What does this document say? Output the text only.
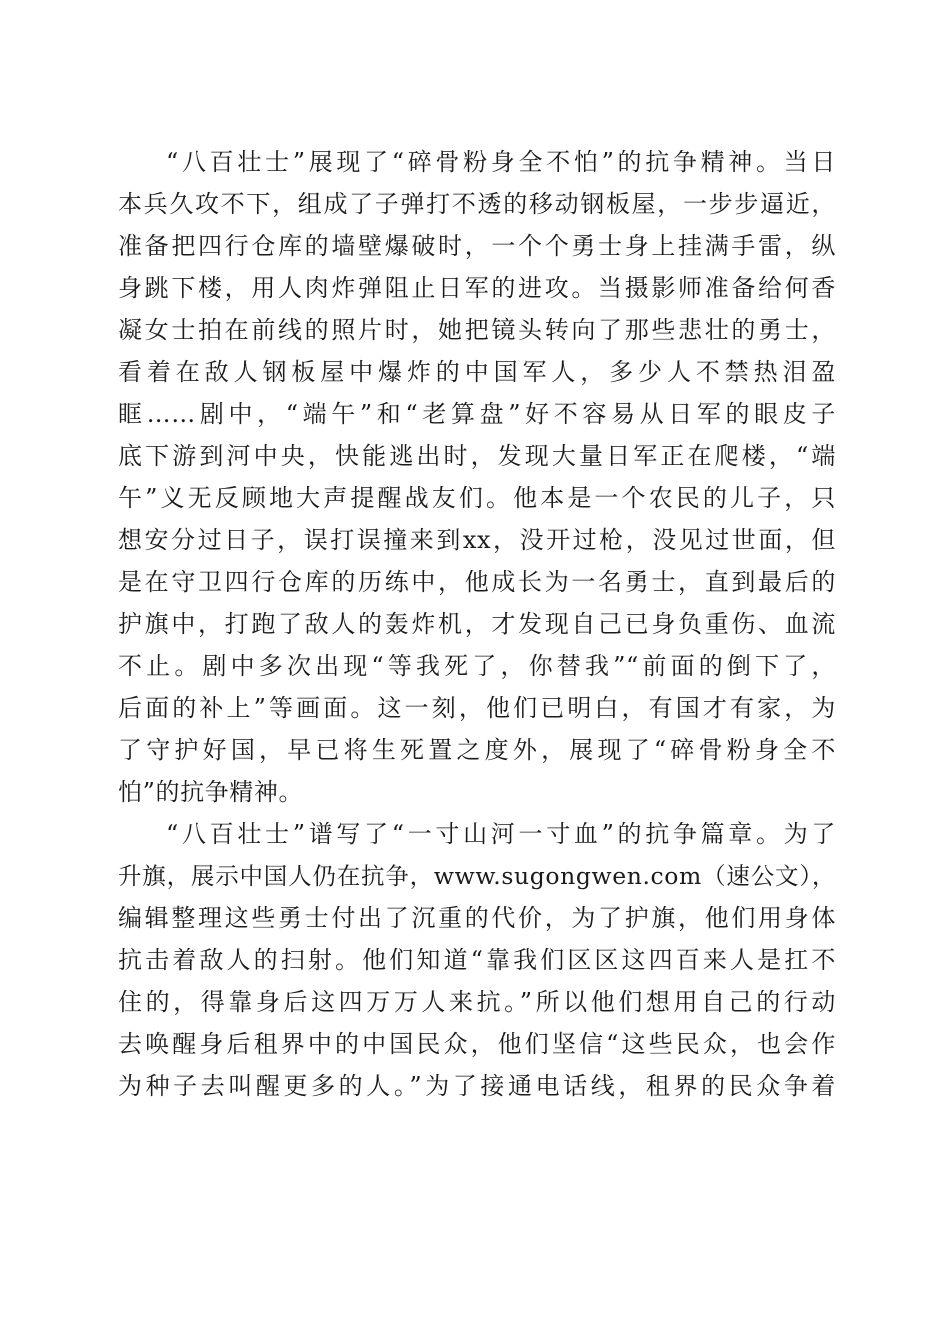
“八百壮士”展现了“碎骨粉身全不怕”的抗争精神。当日
本兵久攻不下，组成了子弹打不透的移动钢板屋，一步步逼近，
准备把四行仓库的墙壁爆破时，一个个勇士身上挂满手雷，纵
身跳下楼，用人肉炸弹阻止日军的进攻。当摄影师准备给何香
凝女士拍在前线的照片时，她把镜头转向了那些悲壮的勇士，
看着在敌人钢板屋中爆炸的中国军人，多少人不禁热泪盈
眶……剧中，“端午”和“老算盘”好不容易从日军的眼皮子
底下游到河中央，快能逃出时，发现大量日军正在爬楼，“端
午”义无反顾地大声提醒战友们。他本是一个农民的儿子，只
想安分过日子，误打误撞来到xx，没开过枪，没见过世面，但
是在守卫四行仓库的历练中，他成长为一名勇士，直到最后的
护旗中，打跑了敌人的轰炸机，才发现自己已身负重伤、血流
不止。剧中多次出现“等我死了，你替我”“前面的倒下了，
后面的补上”等画面。这一刻，他们已明白，有国才有家，为
了守护好国，早已将生死置之度外，展现了“碎骨粉身全不
怕”的抗争精神。
“八百壮士”谱写了“一寸山河一寸血”的抗争篇章。为了
升旗，展示中国人仍在抗争，www.sugongwen.com（速公文），
编辑整理这些勇士付出了沉重的代价，为了护旗，他们用身体
抗击着敌人的扫射。他们知道“靠我们区区这四百来人是扛不
住的，得靠身后这四万万人来抗。”所以他们想用自己的行动
去唤醒身后租界中的中国民众，他们坚信“这些民众，也会作
为种子去叫醒更多的人。”为了接通电话线，租界的民众争着
